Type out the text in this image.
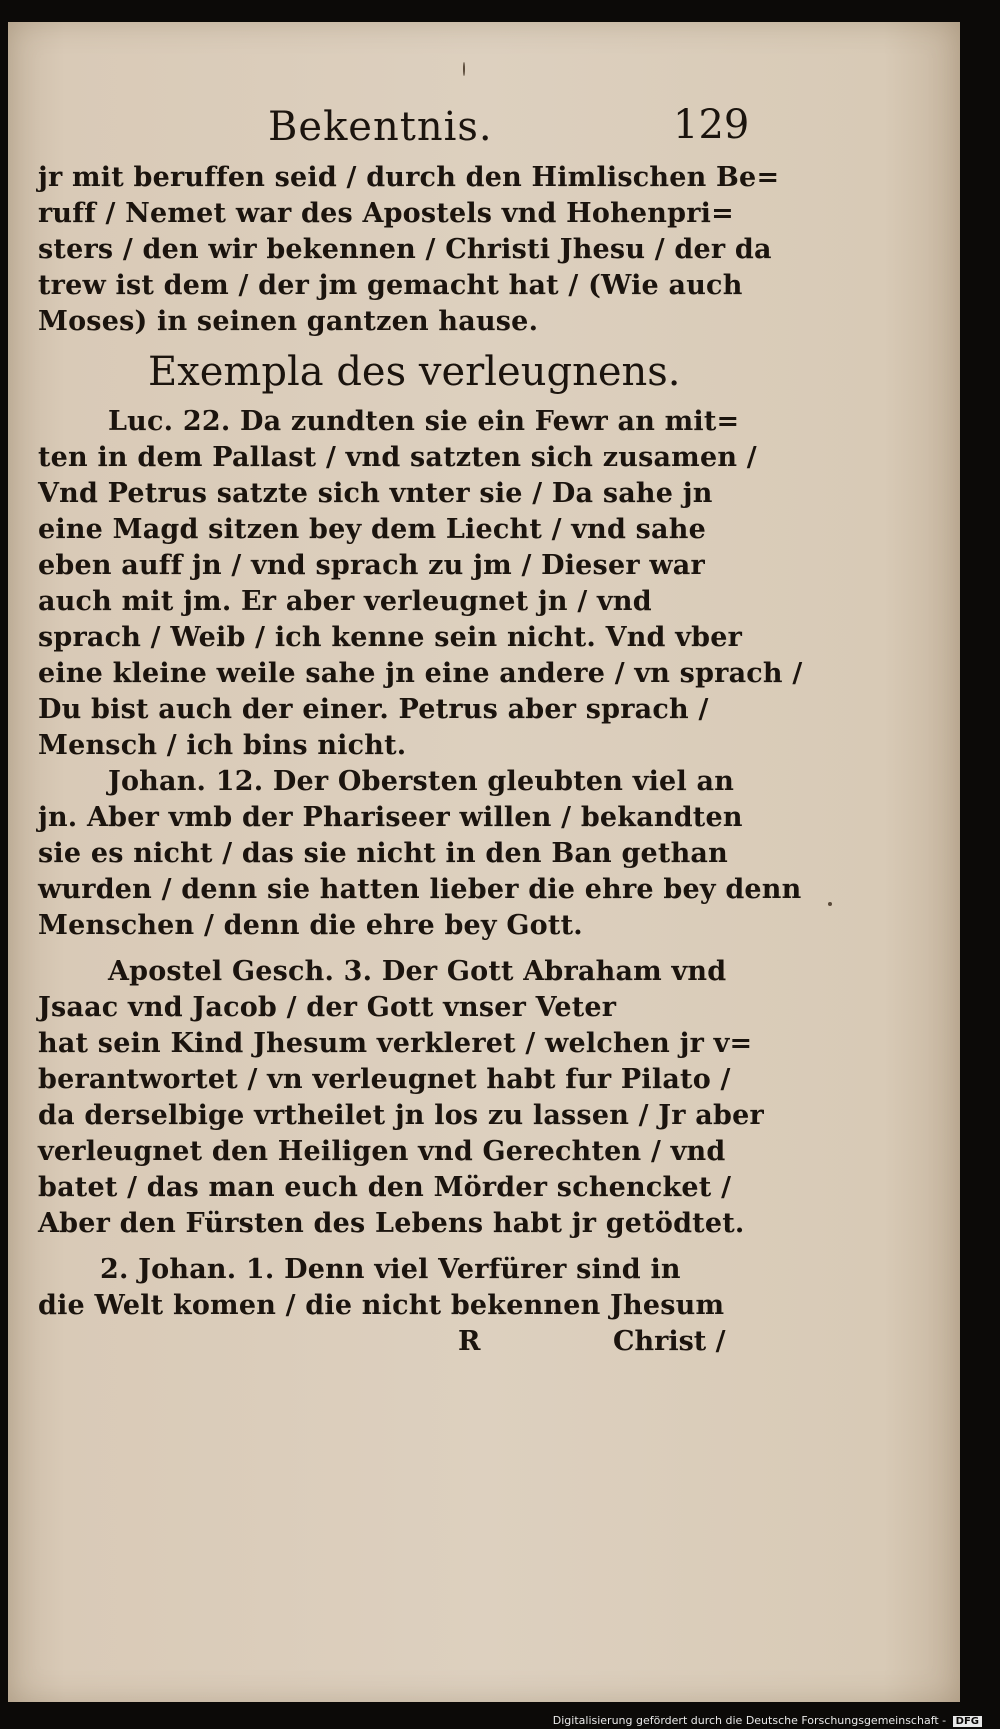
Bekentnis.	129
jr mit beruffen seid / durch den Himlischen Be=
ruff / Nemet war des Apostels vnd Hohenpri=
sters / den wir bekennen / Christi Jhesu / der da
trew ist dem / der jm gemacht hat / (Wie auch
Moses) in seinen gantzen hause.
Exempla des verleugnens.
Luc. 22. Da zundten sie ein Fewr an mit=
ten in dem Pallast / vnd satzten sich zusamen /
Vnd Petrus satzte sich vnter sie / Da sahe jn
eine Magd sitzen bey dem Liecht / vnd sahe
eben auff jn / vnd sprach zu jm / Dieser war
auch mit jm. Er aber verleugnet jn / vnd
sprach / Weib / ich kenne sein nicht. Vnd vber
eine kleine weile sahe jn eine andere / vn sprach /
Du bist auch der einer. Petrus aber sprach /
Mensch / ich bins nicht.
Johan. 12. Der Obersten gleubten viel an
jn. Aber vmb der Phariseer willen / bekandten
sie es nicht / das sie nicht in den Ban gethan
wurden / denn sie hatten lieber die ehre bey denn
Menschen / denn die ehre bey Gott.
Apostel Gesch. 3. Der Gott Abraham vnd
Jsaac vnd Jacob / der Gott vnser Veter
hat sein Kind Jhesum verkleret / welchen jr v=
berantwortet / vn verleugnet habt fur Pilato /
da derselbige vrtheilet jn los zu lassen / Jr aber
verleugnet den Heiligen vnd Gerechten / vnd
batet / das man euch den Mörder schencket /
Aber den Fürsten des Lebens habt jr getödtet.
2. Johan. 1. Denn viel Verfürer sind in
die Welt komen / die nicht bekennen Jhesum
R	Christ /
Digitalisierung gefördert durch die Deutsche Forschungsgemeinschaft - DFG
